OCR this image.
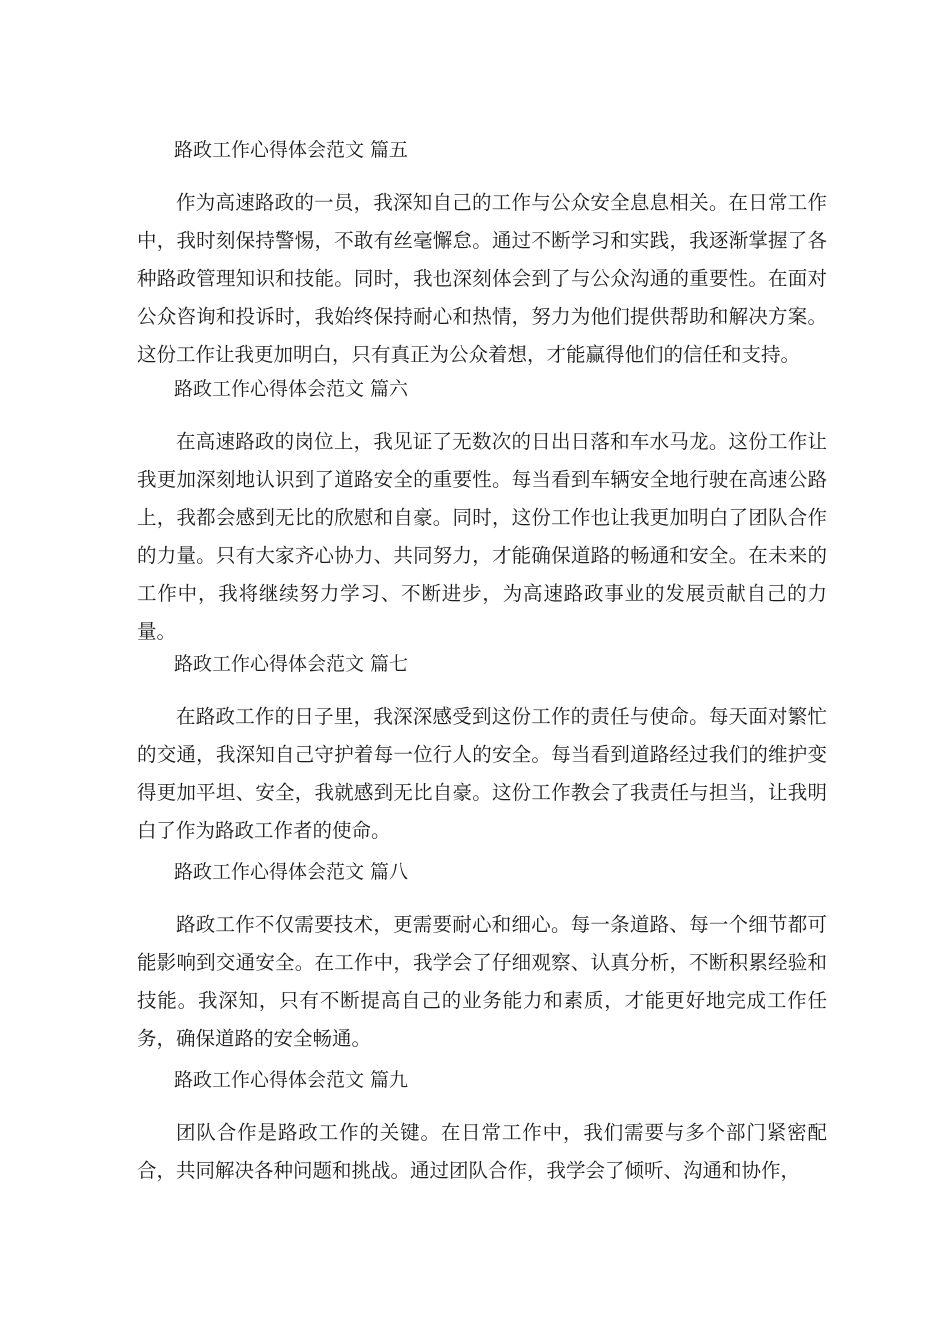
路政工作心得体会范文 篇五

作为高速路政的一员，我深知自己的工作与公众安全息息相关。在日常工作中，我时刻保持警惕，不敢有丝毫懈怠。通过不断学习和实践，我逐渐掌握了各种路政管理知识和技能。同时，我也深刻体会到了与公众沟通的重要性。在面对公众咨询和投诉时，我始终保持耐心和热情，努力为他们提供帮助和解决方案。这份工作让我更加明白，只有真正为公众着想，才能赢得他们的信任和支持。

路政工作心得体会范文 篇六

在高速路政的岗位上，我见证了无数次的日出日落和车水马龙。这份工作让我更加深刻地认识到了道路安全的重要性。每当看到车辆安全地行驶在高速公路上，我都会感到无比的欣慰和自豪。同时，这份工作也让我更加明白了团队合作的力量。只有大家齐心协力、共同努力，才能确保道路的畅通和安全。在未来的工作中，我将继续努力学习、不断进步，为高速路政事业的发展贡献自己的力量。

路政工作心得体会范文 篇七

在路政工作的日子里，我深深感受到这份工作的责任与使命。每天面对繁忙的交通，我深知自己守护着每一位行人的安全。每当看到道路经过我们的维护变得更加平坦、安全，我就感到无比自豪。这份工作教会了我责任与担当，让我明白了作为路政工作者的使命。

路政工作心得体会范文 篇八

路政工作不仅需要技术，更需要耐心和细心。每一条道路、每一个细节都可能影响到交通安全。在工作中，我学会了仔细观察、认真分析，不断积累经验和技能。我深知，只有不断提高自己的业务能力和素质，才能更好地完成工作任务，确保道路的安全畅通。

路政工作心得体会范文 篇九

团队合作是路政工作的关键。在日常工作中，我们需要与多个部门紧密配合，共同解决各种问题和挑战。通过团队合作，我学会了倾听、沟通和协作，
